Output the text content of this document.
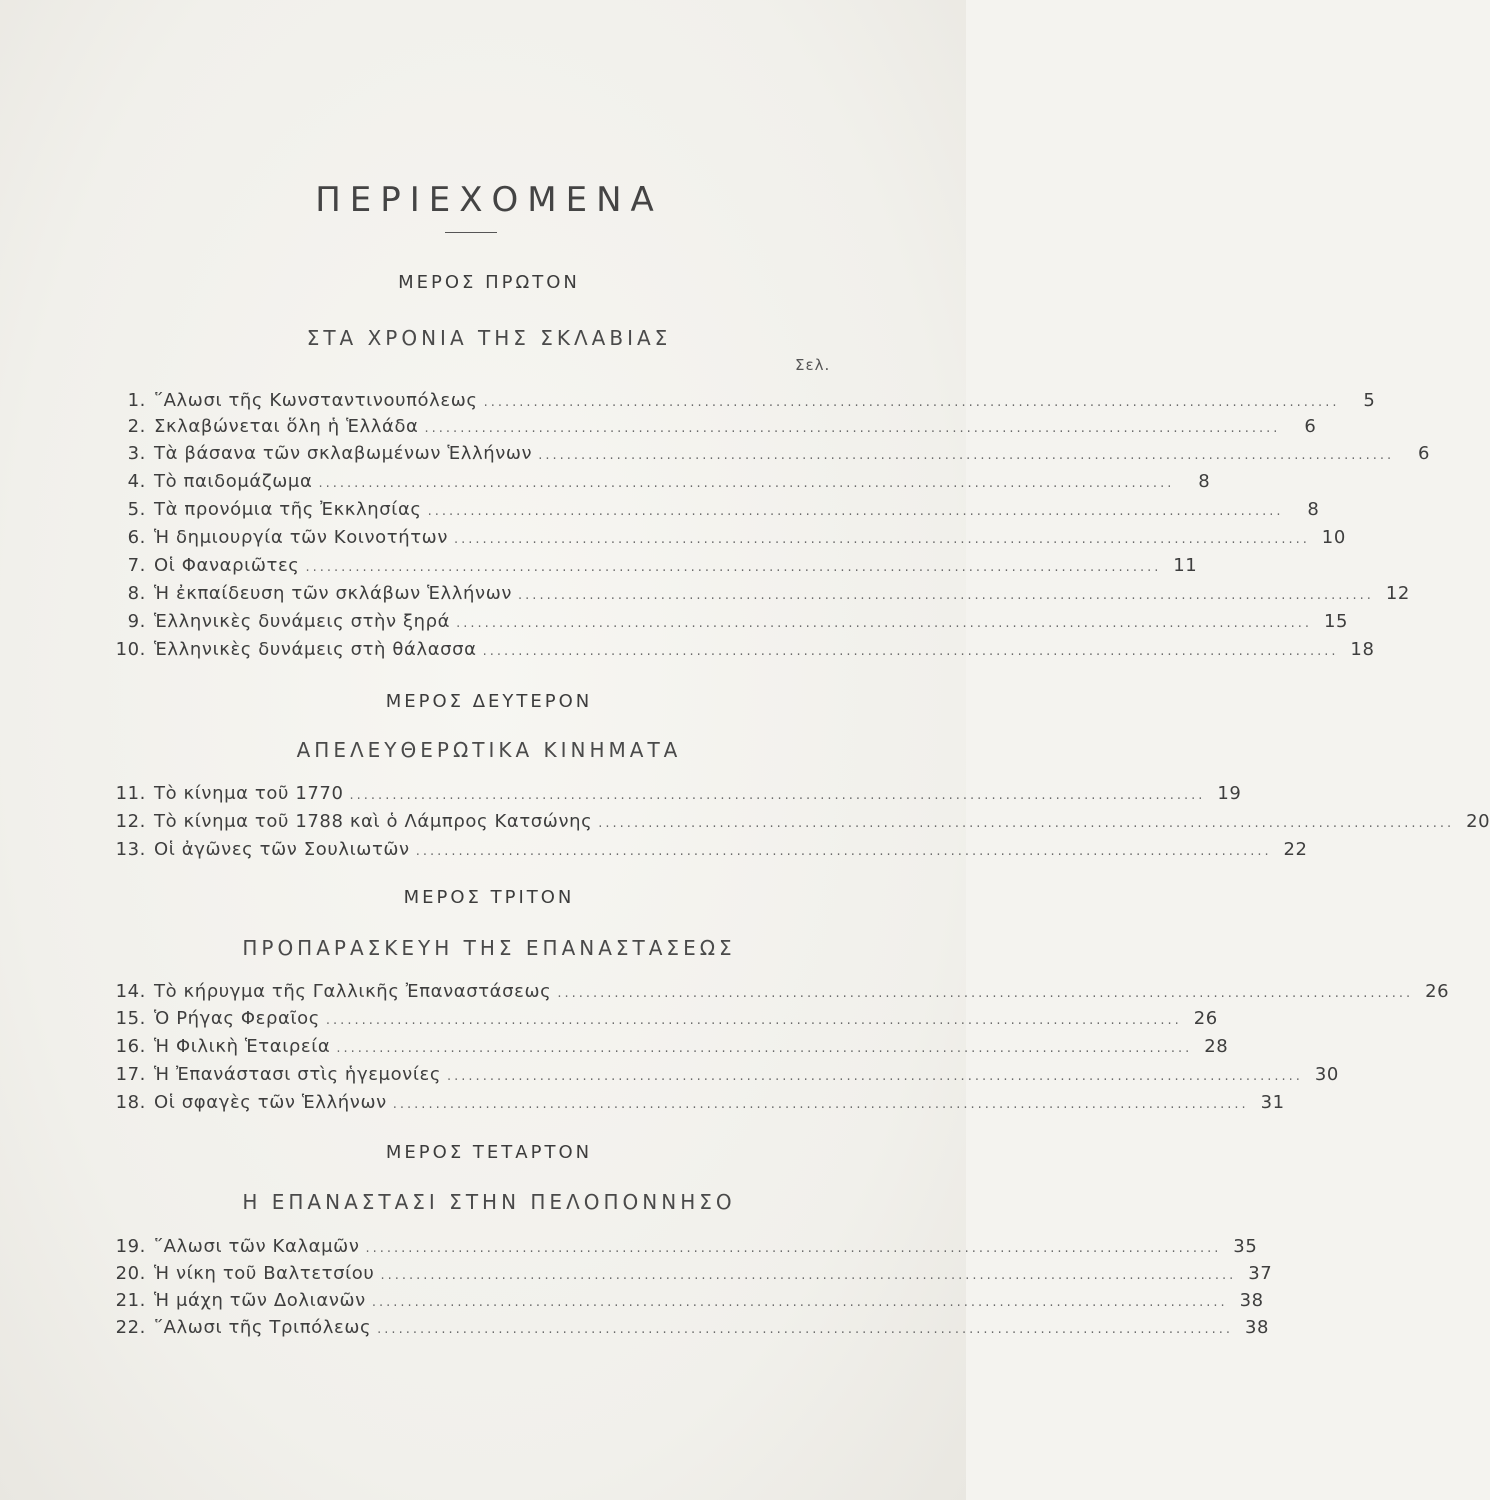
ΠΕΡΙΕΧΟΜΕΝΑ
ΜΕΡΟΣ ΠΡΩΤΟΝ
ΣΤΑ ΧΡΟΝΙΑ ΤΗΣ ΣΚΛΑΒΙΑΣ
Σελ.
1. ῞Αλωσι τῆς Κωνσταντινουπόλεως ........................................................................................................................	5
2. Σκλαβώνεται ὅλη ἡ Ἑλλάδα ........................................................................................................................	6
3. Τὰ βάσανα τῶν σκλαβωμένων Ἑλλήνων ........................................................................................................................	6
4. Τὸ παιδομάζωμα ........................................................................................................................	8
5. Τὰ προνόμια τῆς Ἐκκλησίας ........................................................................................................................	8
6. Ἡ δημιουργία τῶν Κοινοτήτων ........................................................................................................................ 10
7. Οἱ Φαναριῶτες ........................................................................................................................ 11
8. Ἡ ἐκπαίδευση τῶν σκλάβων Ἑλλήνων ........................................................................................................................ 12
9. Ἑλληνικὲς δυνάμεις στὴν ξηρά ........................................................................................................................ 15
10. Ἑλληνικὲς δυνάμεις στὴ θάλασσα ........................................................................................................................ 18
ΜΕΡΟΣ ΔΕΥΤΕΡΟΝ
ΑΠΕΛΕΥΘΕΡΩΤΙΚΑ ΚΙΝΗΜΑΤΑ
11. Τὸ κίνημα τοῦ 1770 ........................................................................................................................ 19
12. Τὸ κίνημα τοῦ 1788 καὶ ὁ Λάμπρος Κατσώνης ........................................................................................................................ 20
13. Οἱ ἀγῶνες τῶν Σουλιωτῶν ........................................................................................................................ 22
ΜΕΡΟΣ ΤΡΙΤΟΝ
ΠΡΟΠΑΡΑΣΚΕΥΗ ΤΗΣ ΕΠΑΝΑΣΤΑΣΕΩΣ
14. Τὸ κήρυγμα τῆς Γαλλικῆς Ἐπαναστάσεως ........................................................................................................................ 26
15. Ὁ Ρήγας Φεραῖος ........................................................................................................................ 26
16. Ἡ Φιλικὴ Ἑταιρεία ........................................................................................................................ 28
17. Ἡ Ἐπανάστασι στὶς ἡγεμονίες ........................................................................................................................ 30
18. Οἱ σφαγὲς τῶν Ἑλλήνων ........................................................................................................................ 31
ΜΕΡΟΣ ΤΕΤΑΡΤΟΝ
Η ΕΠΑΝΑΣΤΑΣΙ ΣΤΗΝ ΠΕΛΟΠΟΝΝΗΣΟ
19. ῞Αλωσι τῶν Καλαμῶν ........................................................................................................................ 35
20. Ἡ νίκη τοῦ Βαλτετσίου ........................................................................................................................ 37
21. Ἡ μάχη τῶν Δολιανῶν ........................................................................................................................ 38
22. ῞Αλωσι τῆς Τριπόλεως ........................................................................................................................ 38
